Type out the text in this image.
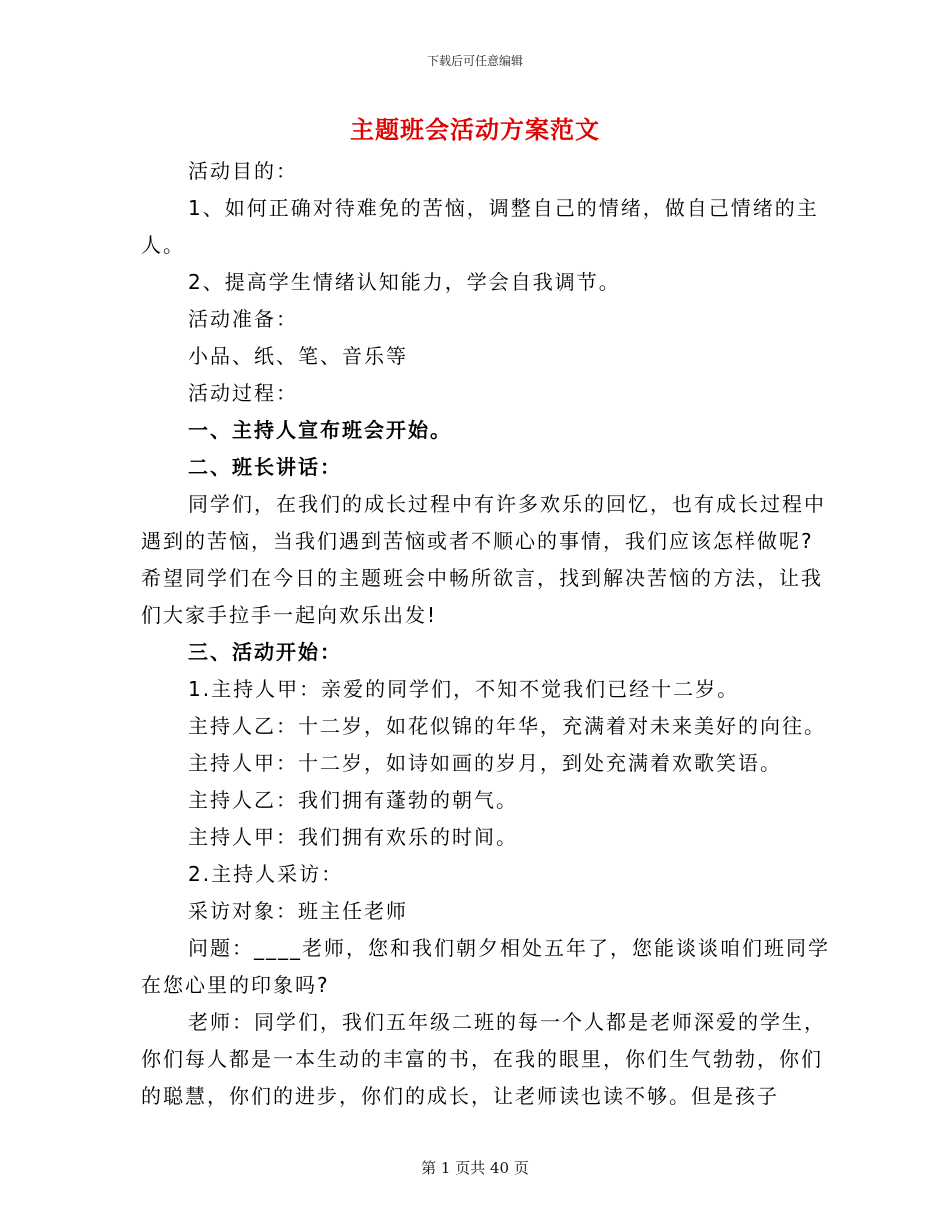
下载后可任意编辑
主题班会活动方案范文

活动目的：

1、如何正确对待难免的苦恼，调整自己的情绪，做自己情绪的主人。

2、提高学生情绪认知能力，学会自我调节。

活动准备：

小品、纸、笔、音乐等

活动过程：

一、主持人宣布班会开始。

二、班长讲话：

同学们，在我们的成长过程中有许多欢乐的回忆，也有成长过程中遇到的苦恼，当我们遇到苦恼或者不顺心的事情，我们应该怎样做呢?希望同学们在今日的主题班会中畅所欲言，找到解决苦恼的方法，让我们大家手拉手一起向欢乐出发!

三、活动开始：

1.主持人甲：亲爱的同学们，不知不觉我们已经十二岁。

主持人乙：十二岁，如花似锦的年华，充满着对未来美好的向往。

主持人甲：十二岁，如诗如画的岁月，到处充满着欢歌笑语。

主持人乙：我们拥有蓬勃的朝气。

主持人甲：我们拥有欢乐的时间。

2.主持人采访：

采访对象：班主任老师

问题：____老师，您和我们朝夕相处五年了，您能谈谈咱们班同学在您心里的印象吗?

老师：同学们，我们五年级二班的每一个人都是老师深爱的学生，你们每人都是一本生动的丰富的书，在我的眼里，你们生气勃勃，你们的聪慧，你们的进步，你们的成长，让老师读也读不够。但是孩子

第 1 页共 40 页
